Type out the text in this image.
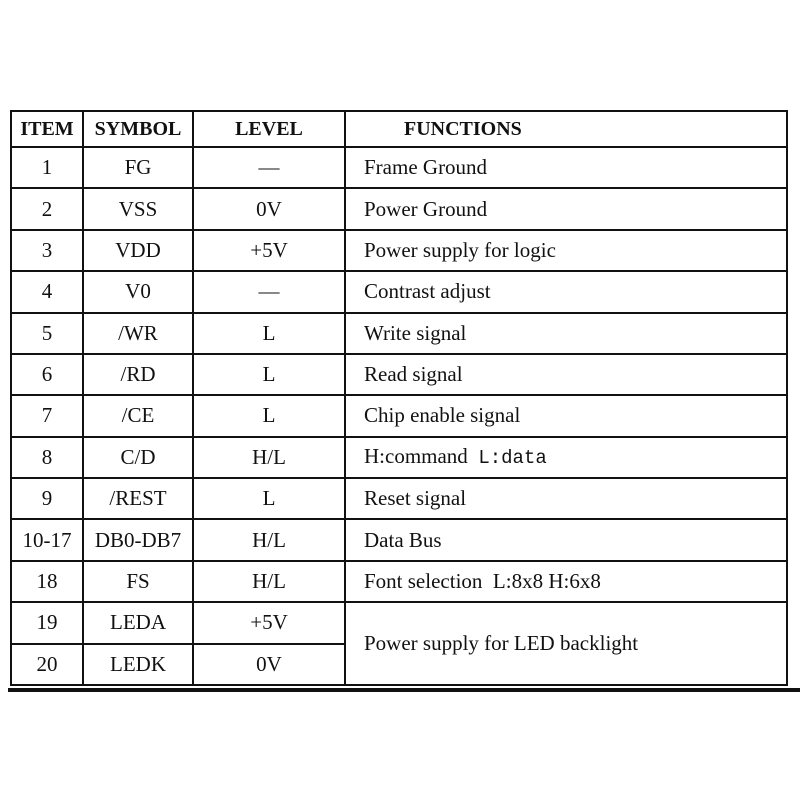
ITEM	SYMBOL	LEVEL	FUNCTIONS
1	FG	—	Frame Ground
2	VSS	0V	Power Ground
3	VDD	+5V	Power supply for logic
4	V0	—	Contrast adjust
5	/WR	L	Write signal
6	/RD	L	Read signal
7	/CE	L	Chip enable signal
8	C/D	H/L	H:command L:data
9	/REST	L	Reset signal
10-17	DB0-DB7	H/L	Data Bus
18	FS	H/L	Font selection  L:8x8 H:6x8
19	LEDA	+5V	Power supply for LED backlight
20	LEDK	0V	
